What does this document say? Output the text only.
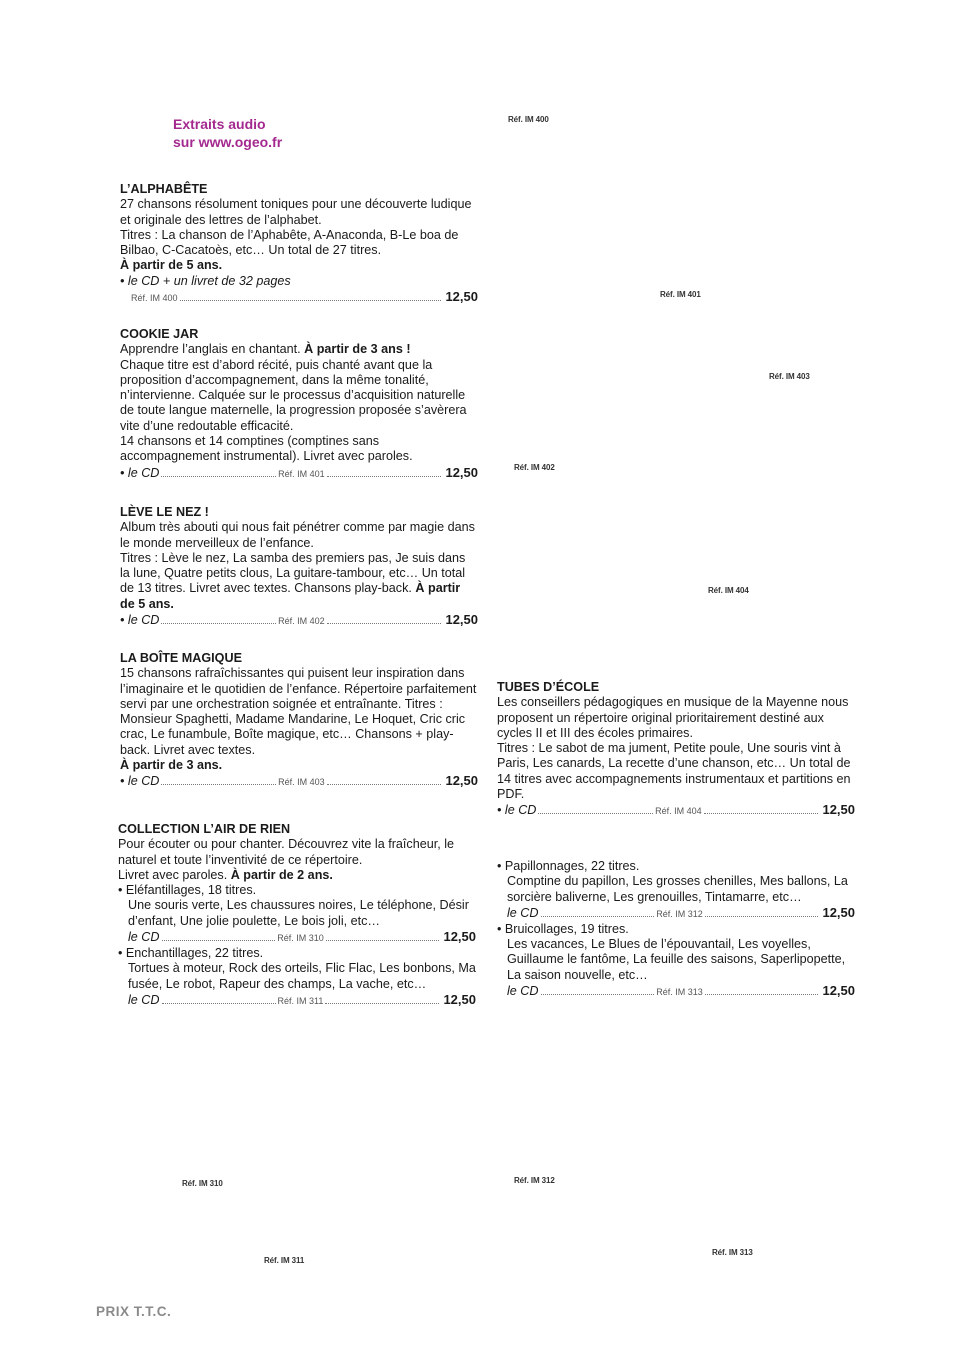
Extraits audio
sur www.ogeo.fr
Réf. IM 400
Réf. IM 401
Réf. IM 403
Réf. IM 402
Réf. IM 404
Réf. IM 310	Réf. IM 312
Réf. IM 311
Réf. IM 313

L’ALPHABÊTE

27 chansons résolument toniques pour une découverte ludique et originale des lettres de l’alphabet.

Titres : La chanson de l’Aphabête, A-Anaconda, B-Le boa de Bilbao, C-Cacatoès, etc… Un total de 27 titres.

À partir de 5 ans.

• le CD + un livret de 32 pages

Réf. IM 400	12,50

COOKIE JAR

Apprendre l’anglais en chantant. À partir de 3 ans !

Chaque titre est d’abord récité, puis chanté avant que la proposition d’accompagnement, dans la même tonalité, n’intervienne. Calquée sur le processus d’acquisition naturelle de toute langue maternelle, la progression proposée s’avèrera vite d’une redoutable efficacité.

14 chansons et 14 comptines (comptines sans accompagnement instrumental). Livret avec paroles.

• le CD	Réf. IM 401	12,50

LÈVE LE NEZ !

Album très abouti qui nous fait pénétrer comme par magie dans le monde merveilleux de l’enfance.

Titres : Lève le nez, La samba des premiers pas, Je suis dans la lune, Quatre petits clous, La guitare-tambour, etc… Un total de 13 titres. Livret avec textes. Chansons play-back. À partir de 5 ans.

• le CD	Réf. IM 402	12,50

LA BOÎTE MAGIQUE

15 chansons rafraîchissantes qui puisent leur inspiration dans l’imaginaire et le quotidien de l’enfance. Répertoire parfaitement servi par une orchestration soignée et entraînante. Titres : Monsieur Spaghetti, Madame Mandarine, Le Hoquet, Cric cric crac, Le funambule, Boîte magique, etc… Chansons + play-back. Livret avec textes.

À partir de 3 ans.

• le CD	Réf. IM 403	12,50

COLLECTION L’AIR DE RIEN

Pour écouter ou pour chanter. Découvrez vite la fraîcheur, le naturel et toute l’inventivité de ce répertoire.

Livret avec paroles. À partir de 2 ans.

• Eléfantillages, 18 titres.

Une souris verte, Les chaussures noires, Le téléphone, Désir d’enfant, Une jolie poulette, Le bois joli, etc…

le CD	Réf. IM 310	12,50

• Enchantillages, 22 titres.

Tortues à moteur, Rock des orteils, Flic Flac, Les bonbons, Ma fusée, Le robot, Rapeur des champs, La vache, etc…

le CD	Réf. IM 311	12,50

TUBES D’ÉCOLE

Les conseillers pédagogiques en musique de la Mayenne nous proposent un répertoire original prioritairement destiné aux cycles II et III des écoles primaires.

Titres : Le sabot de ma jument, Petite poule, Une souris vint à Paris, Les canards, La recette d’une chanson, etc… Un total de 14 titres avec accompagnements instrumentaux et partitions en PDF.

• le CD	Réf. IM 404	12,50

• Papillonnages, 22 titres.

Comptine du papillon, Les grosses chenilles, Mes ballons, La sorcière baliverne, Les grenouilles, Tintamarre, etc…

le CD	Réf. IM 312	12,50

• Bruicollages, 19 titres.

Les vacances, Le Blues de l’épouvantail, Les voyelles, Guillaume le fantôme, La feuille des saisons, Saperlipopette, La saison nouvelle, etc…

le CD	Réf. IM 313	12,50
PRIX T.T.C.
